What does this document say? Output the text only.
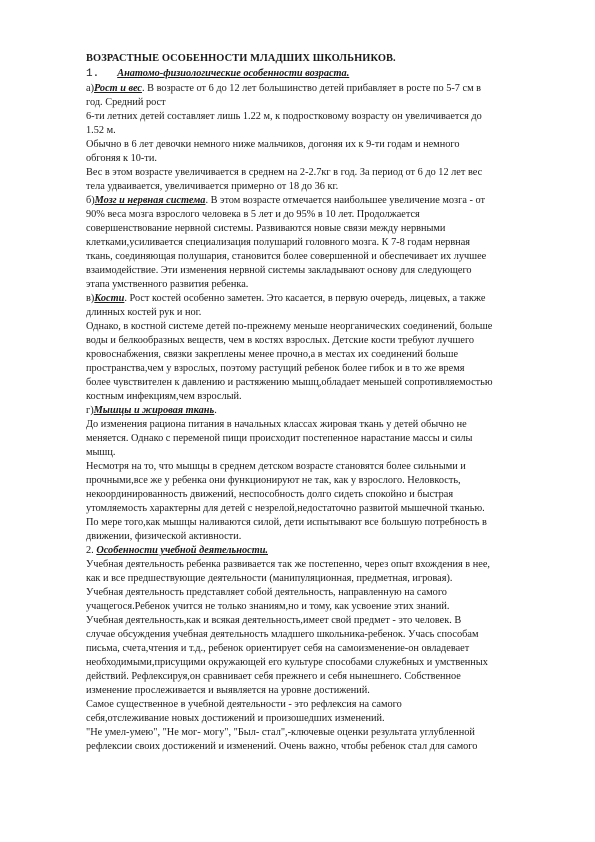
ВОЗРАСТНЫЕ ОСОБЕННОСТИ МЛАДШИХ ШКОЛЬНИКОВ.
1. Анатомо-физиологические особенности возраста.
а)Рост и вес. В возрасте от 6 до 12 лет большинство детей прибавляет в росте по 5-7 см в
год. Средний рост
6-ти летних детей составляет лишь 1.22 м, к подростковому возрасту он увеличивается до
1.52 м.
Обычно в 6 лет девочки немного ниже мальчиков, догоняя их к 9-ти годам и немного
обгоняя к 10-ти.
Вес в этом возрасте увеличивается в среднем на 2-2.7кг в год. За период от 6 до 12 лет вес
тела удваивается, увеличивается примерно от 18 до 36 кг.
б)Мозг и нервная система. В этом возрасте отмечается наибольшее увеличение мозга - от
90% веса мозга взрослого человека в 5 лет и до 95% в 10 лет. Продолжается
совершенствование нервной системы. Развиваются новые связи между нервными
клетками,усиливается специализация полушарий головного мозга. К 7-8 годам нервная
ткань, соединяющая полушария, становится более совершенной и обеспечивает их лучшее
взаимодействие. Эти изменения нервной системы закладывают основу для следующего
этапа умственного развития ребенка.
в)Кости. Рост костей особенно заметен. Это касается, в первую очередь, лицевых, а также
длинных костей рук и ног.
Однако, в костной системе детей по-прежнему меньше неорганических соединений, больше
воды и белкообразных веществ, чем в костях взрослых. Детские кости требуют лучшего
кровоснабжения, связки закреплены менее прочно,а в местах их соединений больше
пространства,чем у взрослых, поэтому растущий ребенок более гибок и в то же время
более чувствителен к давлению и растяжению мышц,обладает меньшей сопротивляемостью
костным инфекциям,чем взрослый.
г)Мышцы и жировая ткань.
До изменения рациона питания в начальных классах жировая ткань у детей обычно не
меняется. Однако с переменой пищи происходит постепенное нарастание массы и силы
мышц.
Несмотря на то, что мышцы в среднем детском возрасте становятся более сильными и
прочными,все же у ребенка они функционируют не так, как у взрослого. Неловкость,
некоординированность движений, неспособность долго сидеть спокойно и быстрая
утомляемость характерны для детей с незрелой,недостаточно развитой мышечной тканью.
По мере того,как мышцы наливаются силой, дети испытывают все большую потребность в
движении, физической активности.
2. Особенности учебной деятельности.
Учебная деятельность ребенка развивается так же постепенно, через опыт вхождения в нее,
как и все предшествующие деятельности (манипуляционная, предметная, игровая).
Учебная деятельность представляет собой деятельность, направленную на самого
учащегося.Ребенок учится не только знаниям,но и тому, как усвоение этих знаний.
Учебная деятельность,как и всякая деятельность,имеет свой предмет - это человек. В
случае обсуждения учебная деятельность младшего школьника-ребенок. Учась способам
письма, счета,чтения и т.д., ребенок ориентирует себя на самоизменение-он овладевает
необходимыми,присущими окружающей его культуре способами служебных и умственных
действий. Рефлексируя,он сравнивает себя прежнего и себя нынешнего. Собственное
изменение прослеживается и выявляется на уровне достижений.
Самое существенное в учебной деятельности - это рефлексия на самого
себя,отслеживание новых достижений и произошедших изменений.
"Не умел-умею", "Не мог- могу", "Был- стал",-ключевые оценки результата углубленной
рефлексии своих достижений и изменений. Очень важно, чтобы ребенок стал для самого
